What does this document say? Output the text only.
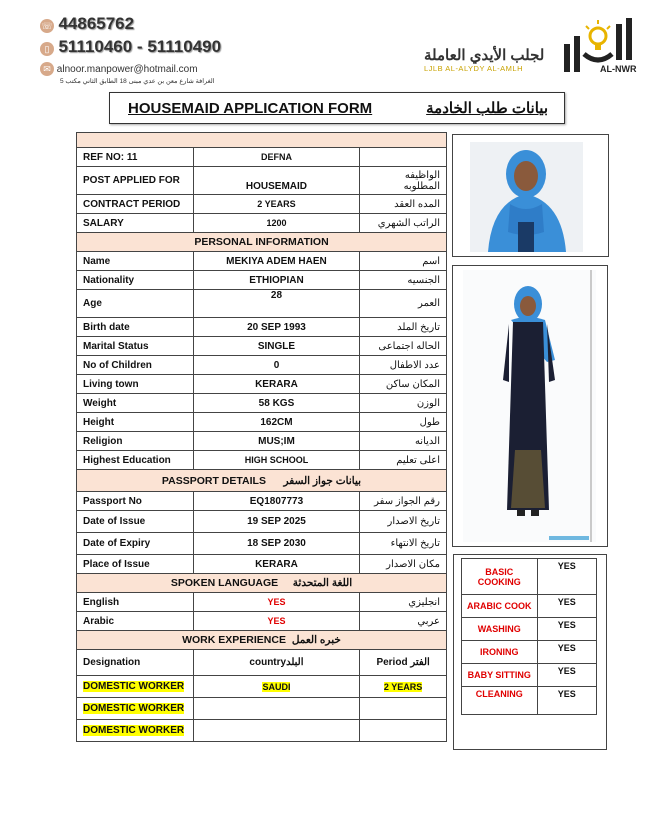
☏ 44865762
▯ 51110460 - 51110490
✉ alnoor.manpower@hotmail.com
الغرافة شارع معن بن عدي مبنى 18 الطابق الثاني مكتب 5
لجلب الأيدي العاملة
LJLB AL-ALYDY AL-AMLH	AL-NWR
HOUSEMAID APPLICATION FORM	بيانات طلب الخادمة

REF NO: 11	DEFNA	
POST APPLIED FOR	HOUSEMAID	الواظيفه المطلوبه
CONTRACT PERIOD	2 YEARS	المده العقد
SALARY	1200	الراتب الشهري
PERSONAL INFORMATION		
Name	MEKIYA ADEM HAEN	اسم
Nationality	ETHIOPIAN	الجنسيه
Age	28	العمر
Birth date	20 SEP 1993	تاريخ الملد
Marital Status	SINGLE	الحاله اجتماعى
No of Children	0	عدد الاطفال
Living town	KERARA	المكان ساكن
Weight	58 KGS	الوزن
Height	162CM	طول
Religion	MUS;IM	الديانه
Highest Education	HIGH SCHOOL	اعلى تعليم
PASSPORT DETAILS بيانات جواز السفر		
Passport No	EQ1807773	رقم الجواز سفر
Date of Issue	19 SEP 2025	تاريخ الاصدار
Date of Expiry	18 SEP 2030	تاريخ الانتهاء
Place of Issue	KERARA	مكان الاصدار
SPOKEN LANGUAGE اللغة المتحدثة		
English	YES	انجليزي
Arabic	YES	عربي
WORK EXPERIENCE خبره العمل		
Designation	countryالبلد	Period الفتر
DOMESTIC WORKER	SAUDI	2 YEARS
DOMESTIC WORKER		
DOMESTIC WORKER		
BASIC COOKING	YES
ARABIC COOK	YES
WASHING	YES
IRONING	YES
BABY SITTING	YES
CLEANING	YES
